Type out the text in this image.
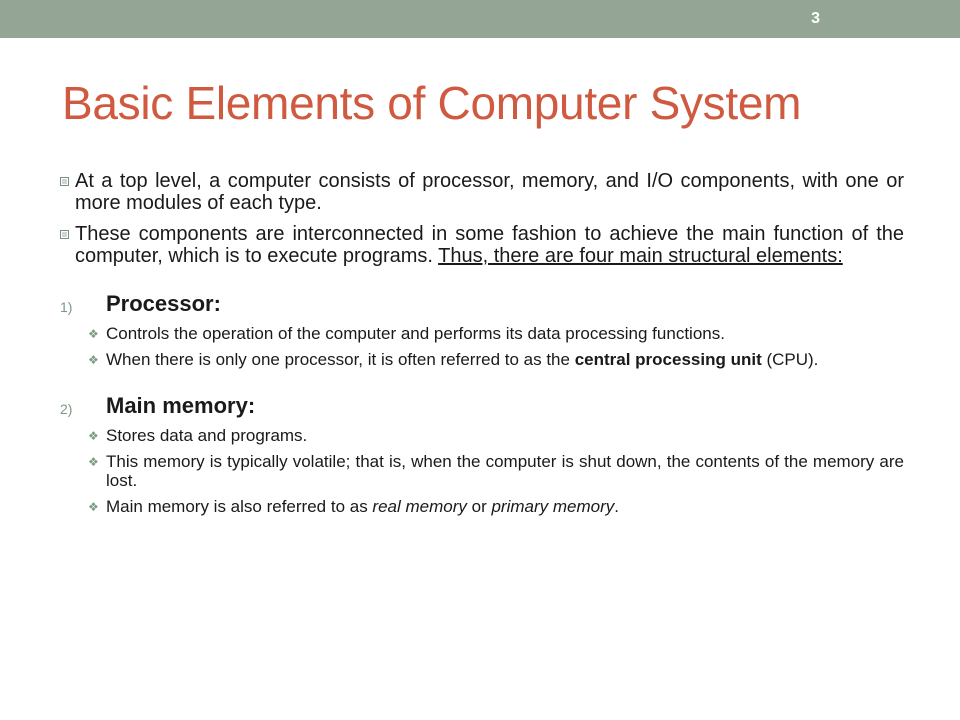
3
Basic Elements of Computer System
At a top level, a computer consists of processor, memory, and I/O components, with one or more modules of each type.
These components are interconnected in some fashion to achieve the main function of the computer, which is to execute programs. Thus, there are four main structural elements:
1) Processor:
❖ Controls the operation of the computer and performs its data processing functions.
❖ When there is only one processor, it is often referred to as the central processing unit (CPU).
2) Main memory:
❖ Stores data and programs.
❖ This memory is typically volatile; that is, when the computer is shut down, the contents of the memory are lost.
❖ Main memory is also referred to as real memory or primary memory.
